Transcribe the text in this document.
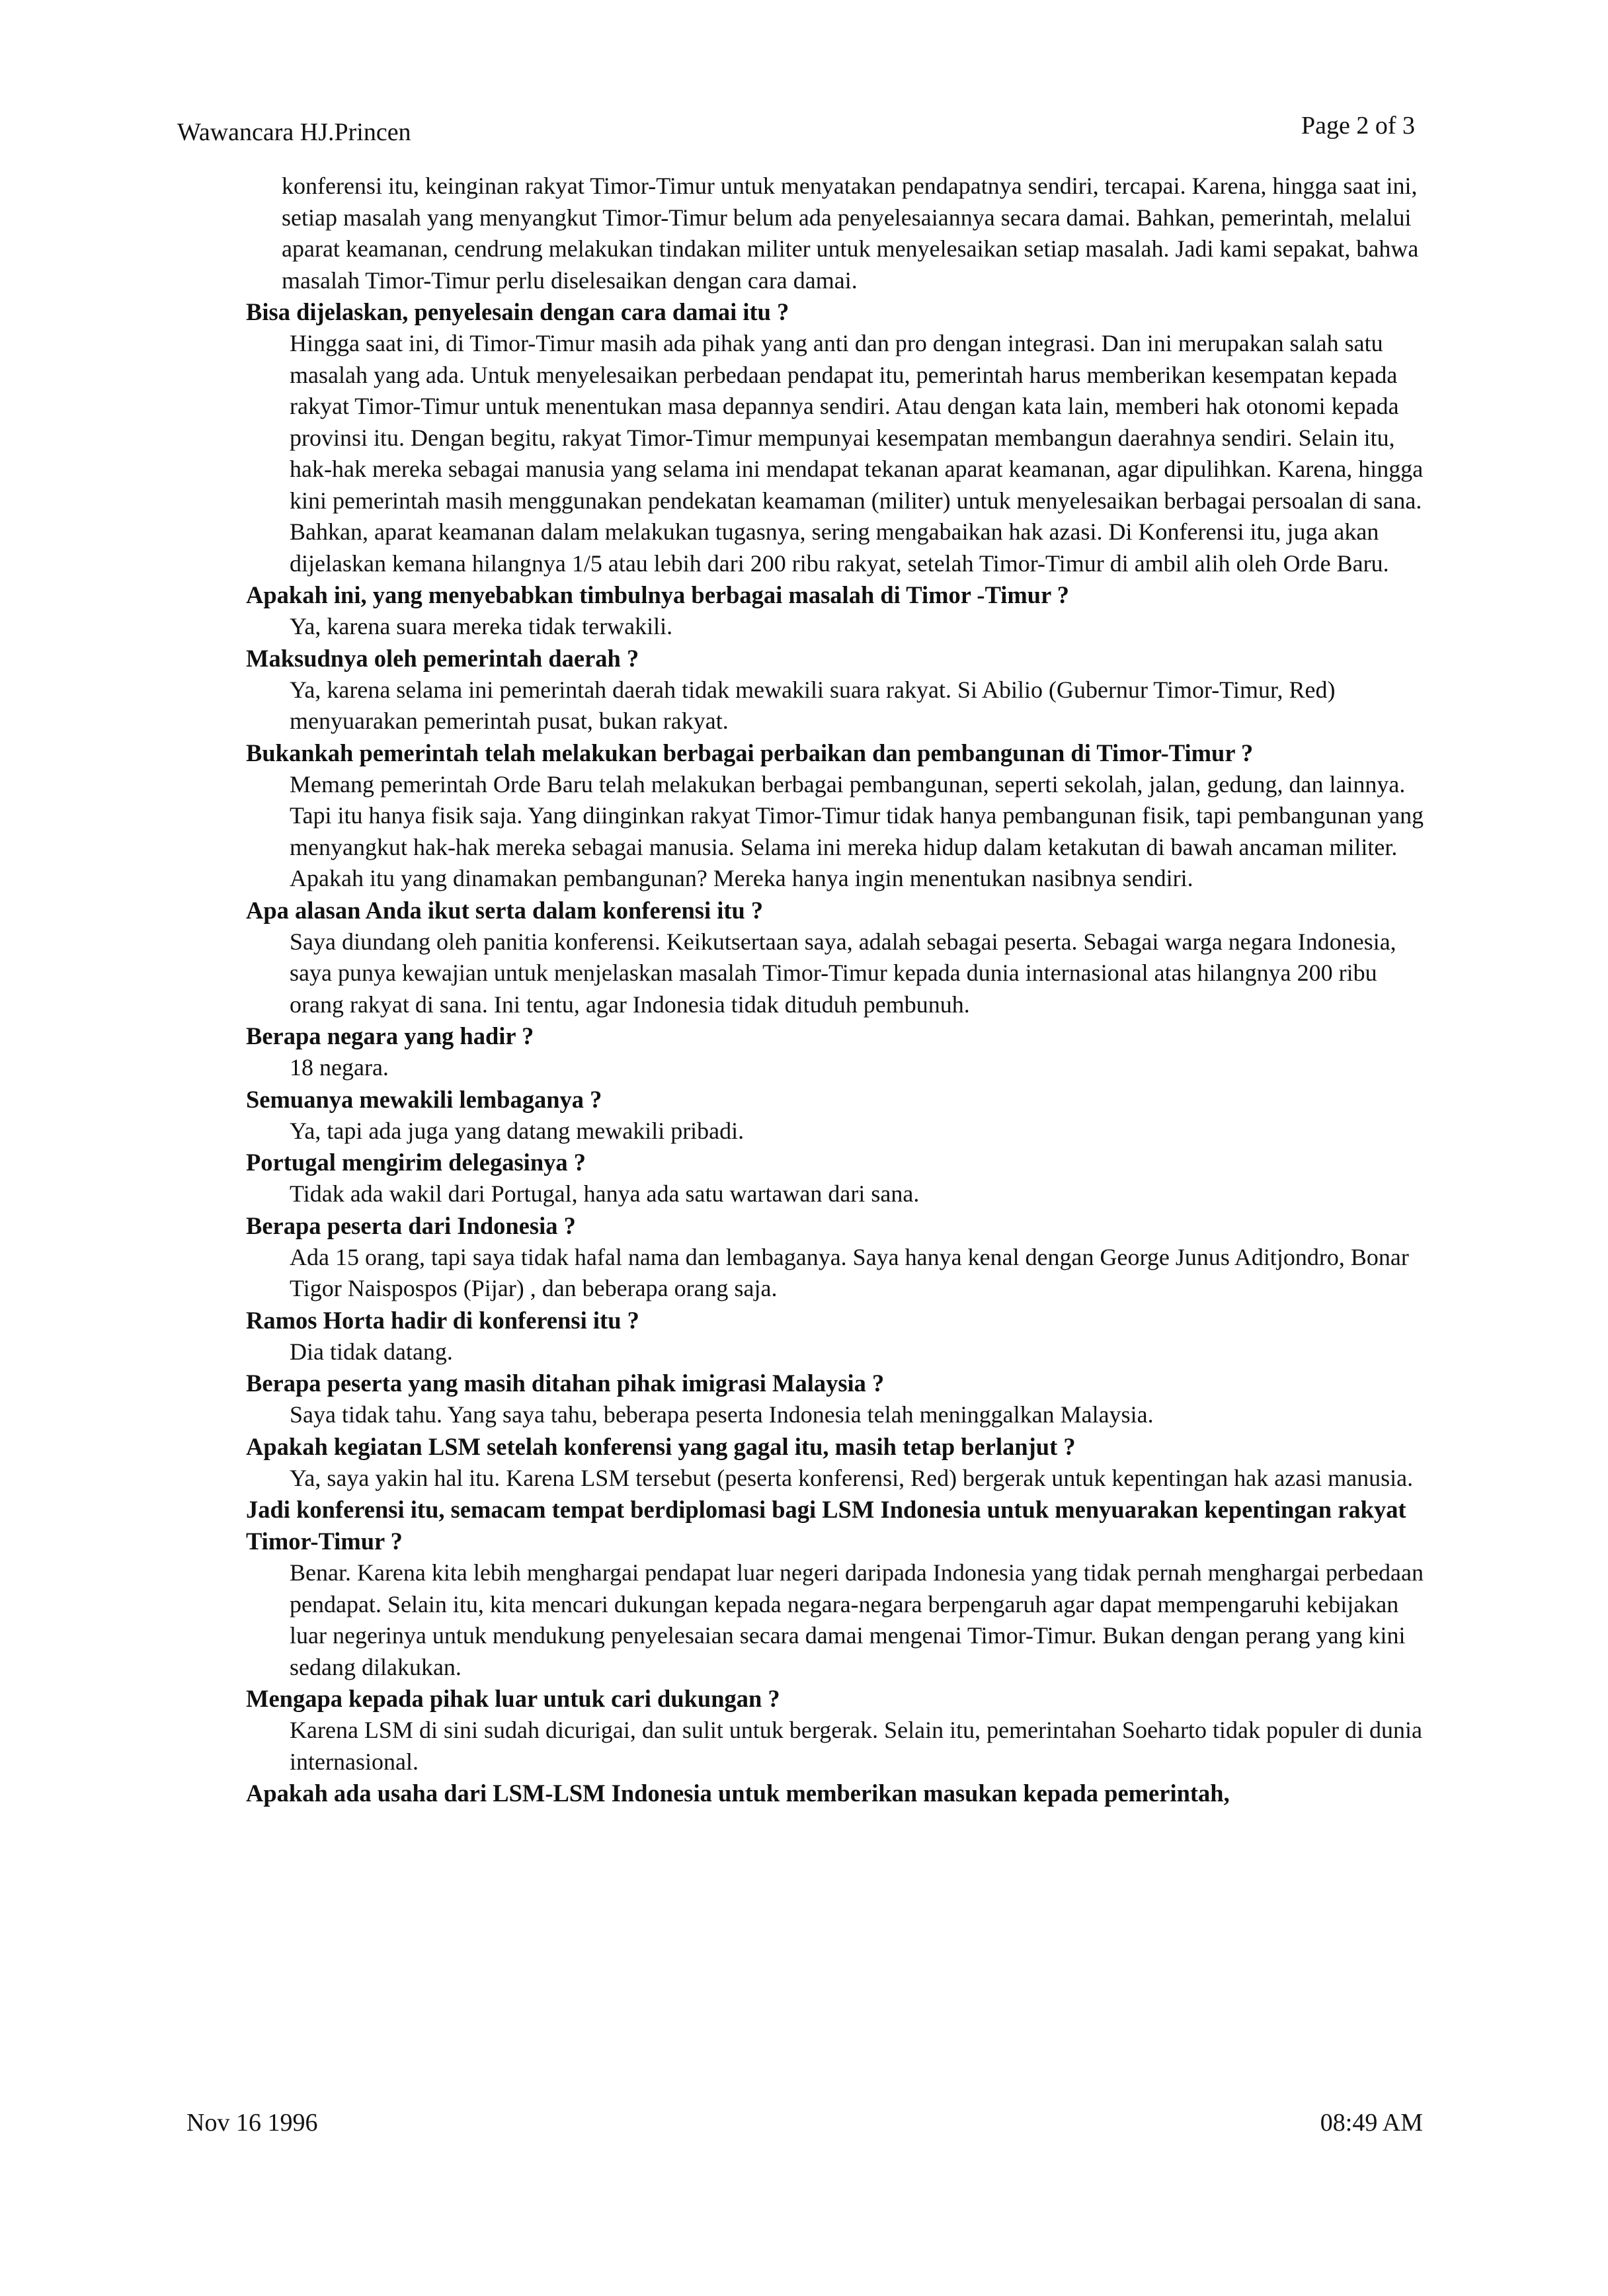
Wawancara HJ.Princen	Page 2 of 3

konferensi itu, keinginan rakyat Timor-Timur untuk menyatakan pendapatnya sendiri, tercapai. Karena, hingga saat ini, setiap masalah yang menyangkut Timor-Timur belum ada penyelesaiannya secara damai. Bahkan, pemerintah, melalui aparat keamanan, cendrung melakukan tindakan militer untuk menyelesaikan setiap masalah. Jadi kami sepakat, bahwa masalah Timor-Timur perlu diselesaikan dengan cara damai.

Bisa dijelaskan, penyelesain dengan cara damai itu ?

Hingga saat ini, di Timor-Timur masih ada pihak yang anti dan pro dengan integrasi. Dan ini merupakan salah satu masalah yang ada. Untuk menyelesaikan perbedaan pendapat itu, pemerintah harus memberikan kesempatan kepada rakyat Timor-Timur untuk menentukan masa depannya sendiri. Atau dengan kata lain, memberi hak otonomi kepada provinsi itu. Dengan begitu, rakyat Timor-Timur mempunyai kesempatan membangun daerahnya sendiri. Selain itu, hak-hak mereka sebagai manusia yang selama ini mendapat tekanan aparat keamanan, agar dipulihkan. Karena, hingga kini pemerintah masih menggunakan pendekatan keamaman (militer) untuk menyelesaikan berbagai persoalan di sana. Bahkan, aparat keamanan dalam melakukan tugasnya, sering mengabaikan hak azasi. Di Konferensi itu, juga akan dijelaskan kemana hilangnya 1/5 atau lebih dari 200 ribu rakyat, setelah Timor-Timur di ambil alih oleh Orde Baru.

Apakah ini, yang menyebabkan timbulnya berbagai masalah di Timor -Timur ?

Ya, karena suara mereka tidak terwakili.

Maksudnya oleh pemerintah daerah ?

Ya, karena selama ini pemerintah daerah tidak mewakili suara rakyat. Si Abilio (Gubernur Timor-Timur, Red) menyuarakan pemerintah pusat, bukan rakyat.

Bukankah pemerintah telah melakukan berbagai perbaikan dan pembangunan di Timor-Timur ?

Memang pemerintah Orde Baru telah melakukan berbagai pembangunan, seperti sekolah, jalan, gedung, dan lainnya. Tapi itu hanya fisik saja. Yang diinginkan rakyat Timor-Timur tidak hanya pembangunan fisik, tapi pembangunan yang menyangkut hak-hak mereka sebagai manusia. Selama ini mereka hidup dalam ketakutan di bawah ancaman militer. Apakah itu yang dinamakan pembangunan? Mereka hanya ingin menentukan nasibnya sendiri.

Apa alasan Anda ikut serta dalam konferensi itu ?

Saya diundang oleh panitia konferensi. Keikutsertaan saya, adalah sebagai peserta. Sebagai warga negara Indonesia, saya punya kewajian untuk menjelaskan masalah Timor-Timur kepada dunia internasional atas hilangnya 200 ribu orang rakyat di sana. Ini tentu, agar Indonesia tidak dituduh pembunuh.

Berapa negara yang hadir ?

18 negara.

Semuanya mewakili lembaganya ?

Ya, tapi ada juga yang datang mewakili pribadi.

Portugal mengirim delegasinya ?

Tidak ada wakil dari Portugal, hanya ada satu wartawan dari sana.

Berapa peserta dari Indonesia ?

Ada 15 orang, tapi saya tidak hafal nama dan lembaganya. Saya hanya kenal dengan George Junus Aditjondro, Bonar Tigor Naispospos (Pijar) , dan beberapa orang saja.

Ramos Horta hadir di konferensi itu ?

Dia tidak datang.

Berapa peserta yang masih ditahan pihak imigrasi Malaysia ?

Saya tidak tahu. Yang saya tahu, beberapa peserta Indonesia telah meninggalkan Malaysia.

Apakah kegiatan LSM setelah konferensi yang gagal itu, masih tetap berlanjut ?

Ya, saya yakin hal itu. Karena LSM tersebut (peserta konferensi, Red) bergerak untuk kepentingan hak azasi manusia.

Jadi konferensi itu, semacam tempat berdiplomasi bagi LSM Indonesia untuk menyuarakan kepentingan rakyat Timor-Timur ?

Benar. Karena kita lebih menghargai pendapat luar negeri daripada Indonesia yang tidak pernah menghargai perbedaan pendapat. Selain itu, kita mencari dukungan kepada negara-negara berpengaruh agar dapat mempengaruhi kebijakan luar negerinya untuk mendukung penyelesaian secara damai mengenai Timor-Timur. Bukan dengan perang yang kini sedang dilakukan.

Mengapa kepada pihak luar untuk cari dukungan ?

Karena LSM di sini sudah dicurigai, dan sulit untuk bergerak. Selain itu, pemerintahan Soeharto tidak populer di dunia internasional.

Apakah ada usaha dari LSM-LSM Indonesia untuk memberikan masukan kepada pemerintah,

Nov 16 1996	08:49 AM
